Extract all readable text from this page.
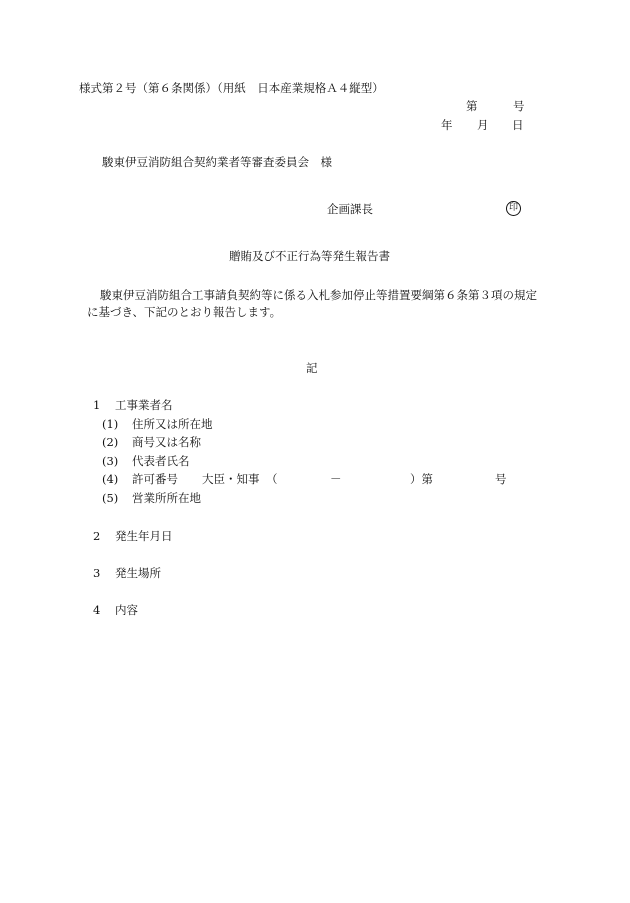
様式第２号（第６条関係）（用紙　日本産業規格Ａ４縦型）
第	号
年 月 日
駿東伊豆消防組合契約業者等審査委員会　様
企画課長	印
贈賄及び不正行為等発生報告書
駿東伊豆消防組合工事請負契約等に係る入札参加停止等措置要綱第６条第３項の規定
に基づき、下記のとおり報告します。
記
1 工事業者名
(1) 住所又は所在地
(2) 商号又は名称
(3) 代表者氏名
(4) 許可番号 大臣・知事 （	－	）第	号
(5) 営業所所在地
2 発生年月日
3 発生場所
4 内容
